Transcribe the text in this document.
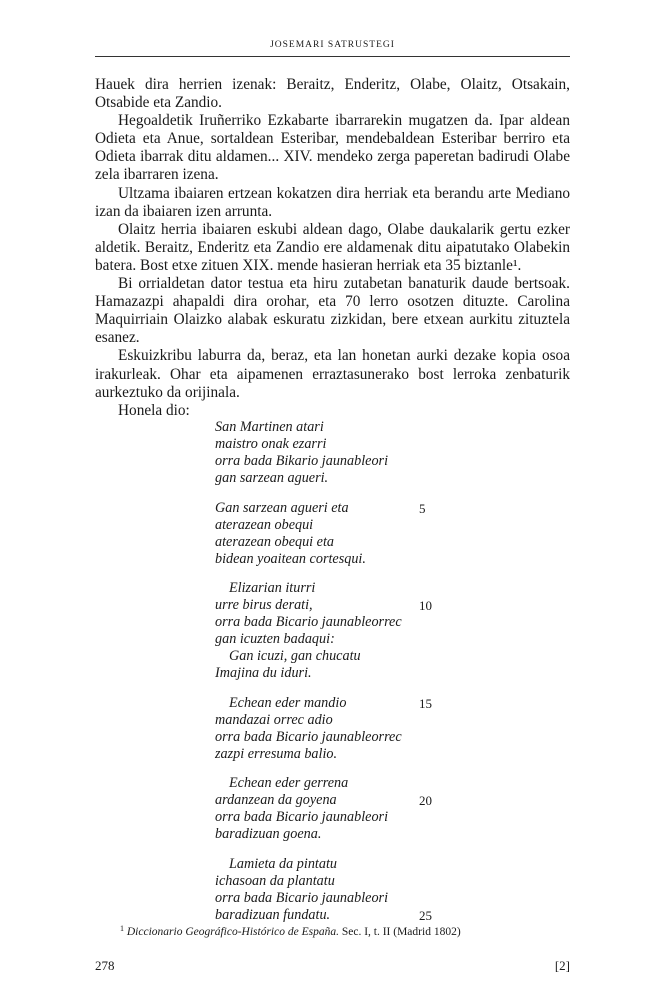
JOSEMARI SATRUSTEGI

Hauek dira herrien izenak: Beraitz, Enderitz, Olabe, Olaitz, Otsakain, Otsabide eta Zandio.

Hegoaldetik Iruñerriko Ezkabarte ibarrarekin mugatzen da. Ipar aldean Odieta eta Anue, sortaldean Esteribar, mendebaldean Esteribar berriro eta Odieta ibarrak ditu aldamen... XIV. mendeko zerga paperetan badirudi Olabe zela ibarraren izena.

Ultzama ibaiaren ertzean kokatzen dira herriak eta berandu arte Mediano izan da ibaiaren izen arrunta.

Olaitz herria ibaiaren eskubi aldean dago, Olabe daukalarik gertu ezker aldetik. Beraitz, Enderitz eta Zandio ere aldamenak ditu aipatutako Olabekin batera. Bost etxe zituen XIX. mende hasieran herriak eta 35 biztanle¹.

Bi orrialdetan dator testua eta hiru zutabetan banaturik daude bertsoak. Hamazazpi ahapaldi dira orohar, eta 70 lerro osotzen dituzte. Carolina Maquirriain Olaizko alabak eskuratu zizkidan, bere etxean aurkitu zituztela esanez.

Eskuizkribu laburra da, beraz, eta lan honetan aurki dezake kopia osoa irakurleak. Ohar eta aipamenen erraztasunerako bost lerroka zenbaturik aurkeztuko da orijinala.

Honela dio:

San Martinen atari
maistro onak ezarri
orra bada Bikario jaunableori
gan sarzean agueri.
Gan sarzean agueri eta	5
aterazean obequi
aterazean obequi eta
bidean yoaitean cortesqui.
Elizarian iturri
urre birus derati,	10
orra bada Bicario jaunableorrec
gan icuzten badaqui:
Gan icuzi, gan chucatu
Imajina du iduri.
Echean eder mandio	15
mandazai orrec adio
orra bada Bicario jaunableorrec
zazpi erresuma balio.
Echean eder gerrena
ardanzean da goyena	20
orra bada Bicario jaunableori
baradizuan goena.
Lamieta da pintatu
ichasoan da plantatu
orra bada Bicario jaunableori
baradizuan fundatu.	25
$^1$ Diccionario Geográfico-Histórico de España. Sec. I, t. II (Madrid 1802)
278	[2]
